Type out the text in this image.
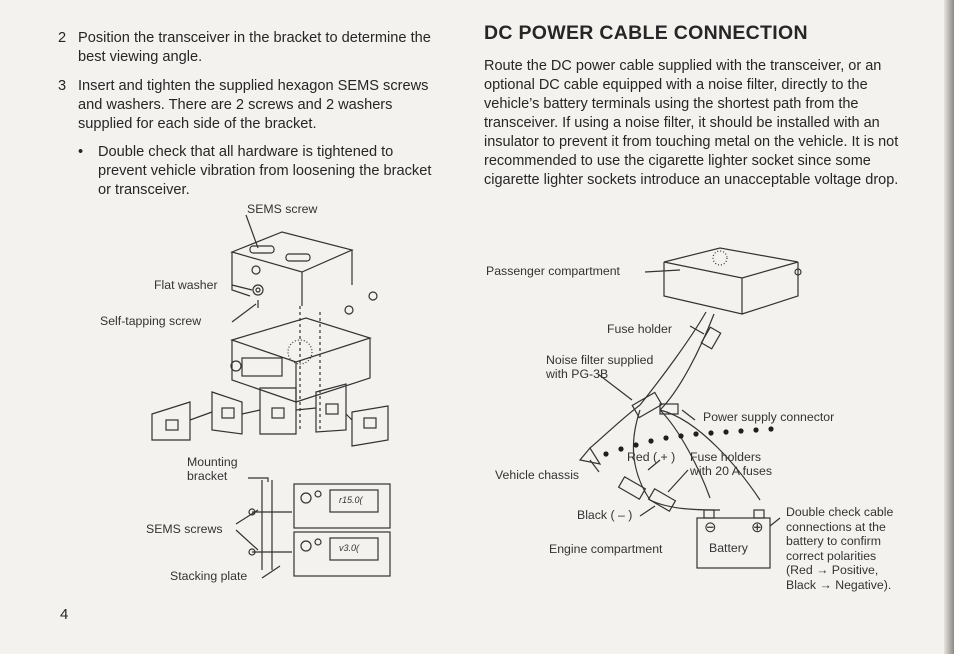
2 Position the transceiver in the bracket to determine the best viewing angle.
3 Insert and tighten the supplied hexagon SEMS screws and washers. There are 2 screws and 2 washers supplied for each side of the bracket.
• Double check that all hardware is tightened to prevent vehicle vibration from loosening the bracket or transceiver.
SEMS screw
Flat washer
Self-tapping screw
Mounting
bracket
SEMS screws
Stacking plate
r15.0(
v3.0(
DC POWER CABLE CONNECTION
Route the DC power cable supplied with the transceiver, or an optional DC cable equipped with a noise filter, directly to the vehicle’s battery terminals using the shortest path from the transceiver. If using a noise filter, it should be installed with an insulator to prevent it from touching metal on the vehicle. It is not recommended to use the cigarette lighter socket since some cigarette lighter sockets introduce an unacceptable voltage drop.
Passenger compartment
Fuse holder
Noise filter supplied
with PG-3B
Power supply connector
Red ( + ) Fuse holders
with 20 A fuses
Vehicle chassis
Black ( – )
Engine compartment	Battery
⊖ ⊕
Double check cable
connections at the
battery to confirm
correct polarities
(Red → Positive,
Black → Negative).
4
